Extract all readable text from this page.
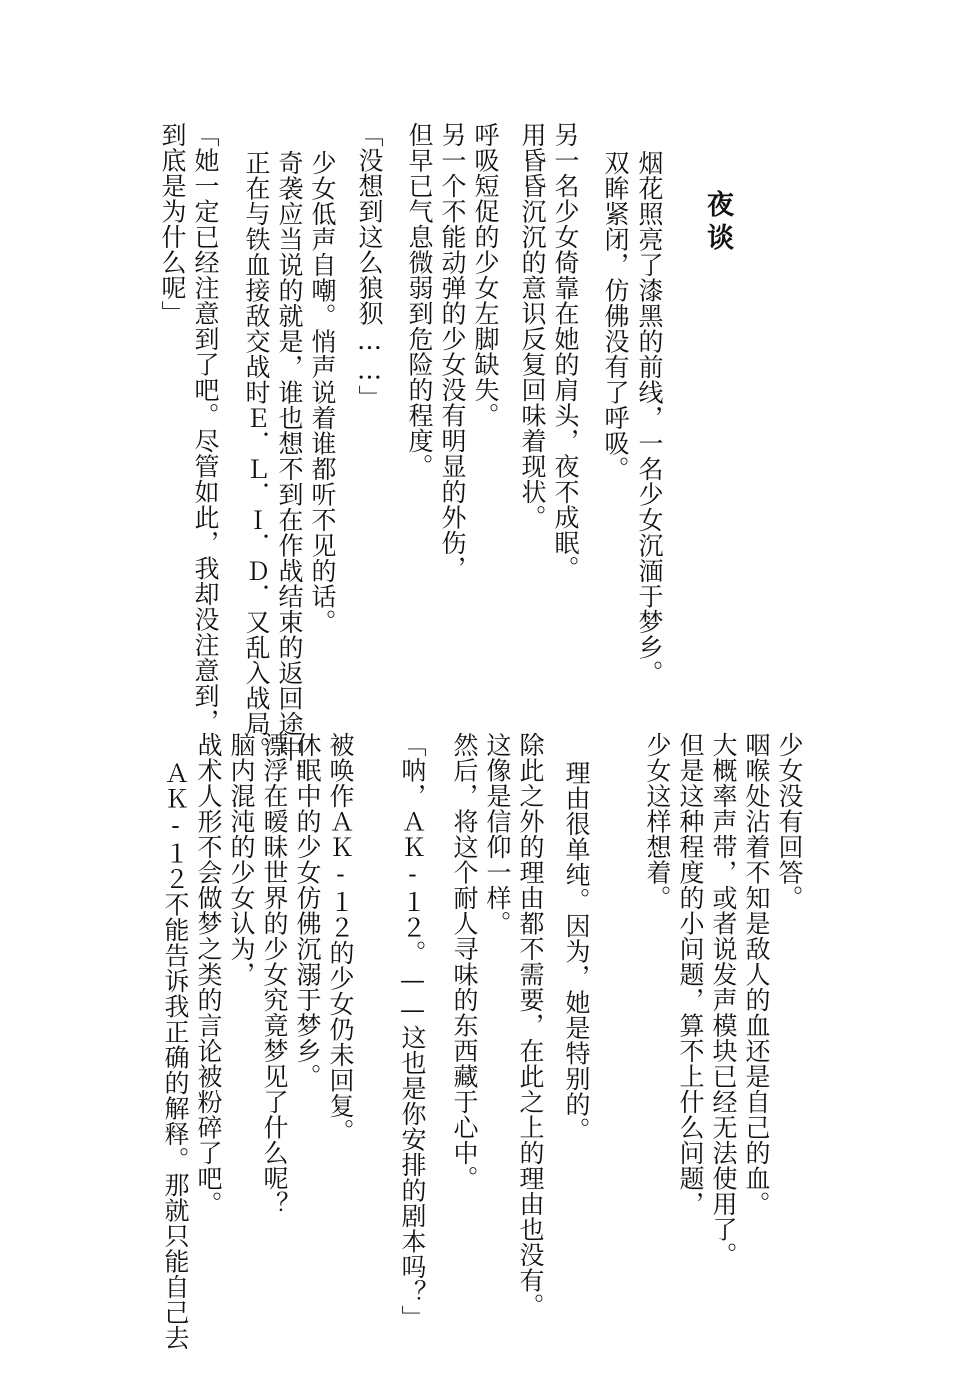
夜谈
烟花照亮了漆黑的前线，一名少女沉湎于梦乡。
双眸紧闭，仿佛没有了呼吸。
另一名少女倚靠在她的肩头，夜不成眠。
用昏昏沉沉的意识反复回味着现状。
呼吸短促的少女左脚缺失。
另一个不能动弹的少女没有明显的外伤，
但早已气息微弱到危险的程度。
「没想到这么狼狈……」
少女低声自嘲。悄声说着谁都听不见的话。
奇袭应当说的就是，谁也想不到在作战结束的返回途中，
正在与铁血接敌交战时Ｅ．Ｌ．Ｉ．Ｄ．又乱入战局。
「她一定已经注意到了吧。尽管如此，我却没注意到，
到底是为什么呢」
少女没有回答。
咽喉处沾着不知是敌人的血还是自己的血。
大概率声带，或者说发声模块已经无法使用了。
但是这种程度的小问题，算不上什么问题，
少女这样想着。
理由很单纯。因为，她是特别的。
除此之外的理由都不需要，在此之上的理由也没有。
这像是信仰一样。
然后，将这个耐人寻味的东西藏于心中。
「呐，ＡＫ-１２。——这也是你安排的剧本吗？」
被唤作ＡＫ-１２的少女仍未回复。
休眠中的少女仿佛沉溺于梦乡。
漂浮在暧昧世界的少女究竟梦见了什么呢？
脑内混沌的少女认为，
战术人形不会做梦之类的言论被粉碎了吧。
ＡＫ-１２不能告诉我正确的解释。那就只能自己去
